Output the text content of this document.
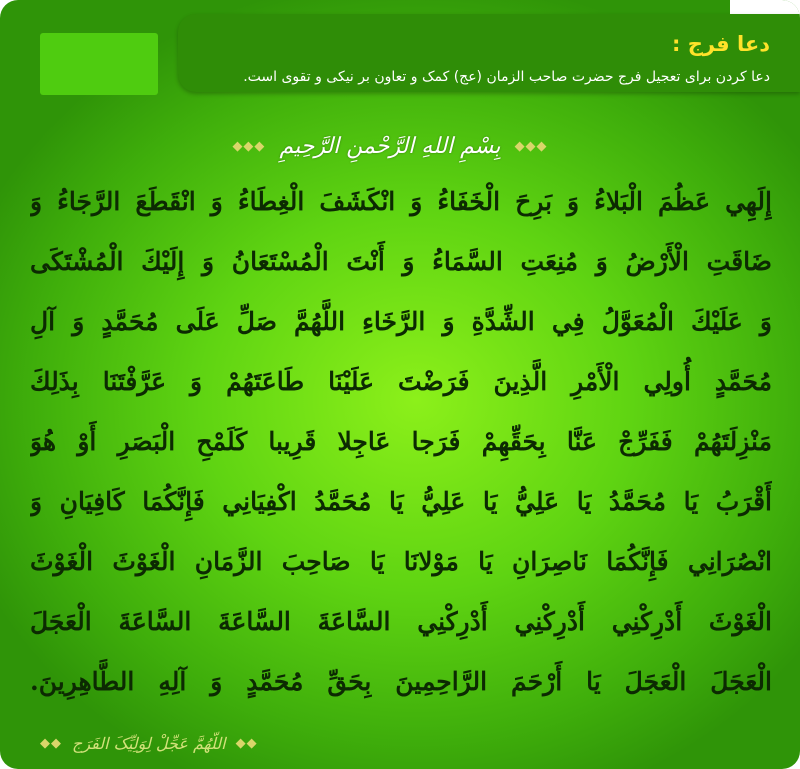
دعا فرج :
دعا کردن برای تعجیل فرج حضرت صاحب الزمان (عج) کمک و تعاون بر نیکی و تقوی است.
◆◆◆ بِسْمِ اللهِ الرَّحْمنِ الرَّحِیمِ ◆◆◆
إِلَهِي عَظُمَ الْبَلاءُ وَ بَرِحَ الْخَفَاءُ وَ انْكَشَفَ الْغِطَاءُ وَ انْقَطَعَ الرَّجَاءُ وَ
ضَاقَتِ الْأَرْضُ وَ مُنِعَتِ السَّمَاءُ وَ أَنْتَ الْمُسْتَعَانُ وَ إِلَيْكَ الْمُشْتَكَى
وَ عَلَيْكَ الْمُعَوَّلُ فِي الشِّدَّةِ وَ الرَّخَاءِ اللَّهُمَّ صَلِّ عَلَى مُحَمَّدٍ وَ آلِ
مُحَمَّدٍ أُولِي الْأَمْرِ الَّذِينَ فَرَضْتَ عَلَيْنَا طَاعَتَهُمْ وَ عَرَّفْتَنَا بِذَلِكَ
مَنْزِلَتَهُمْ فَفَرِّجْ عَنَّا بِحَقِّهِمْ فَرَجا عَاجِلا قَرِيبا كَلَمْحِ الْبَصَرِ أَوْ هُوَ
أَقْرَبُ يَا مُحَمَّدُ يَا عَلِيُّ يَا عَلِيُّ يَا مُحَمَّدُ اكْفِيَانِي فَإِنَّكُمَا كَافِيَانِ وَ
انْصُرَانِي فَإِنَّكُمَا نَاصِرَانِ يَا مَوْلانَا يَا صَاحِبَ الزَّمَانِ الْغَوْثَ الْغَوْثَ
الْغَوْثَ أَدْرِكْنِي أَدْرِكْنِي أَدْرِكْنِي السَّاعَةَ السَّاعَةَ السَّاعَةَ الْعَجَلَ
الْعَجَلَ الْعَجَلَ يَا أَرْحَمَ الرَّاحِمِينَ بِحَقِّ مُحَمَّدٍ وَ آلِهِ الطَّاهِرِينَ.
◆◆ اللّهُمَّ عَجِّلْ لِوَلِیِّکَ الفَرَج ◆◆
